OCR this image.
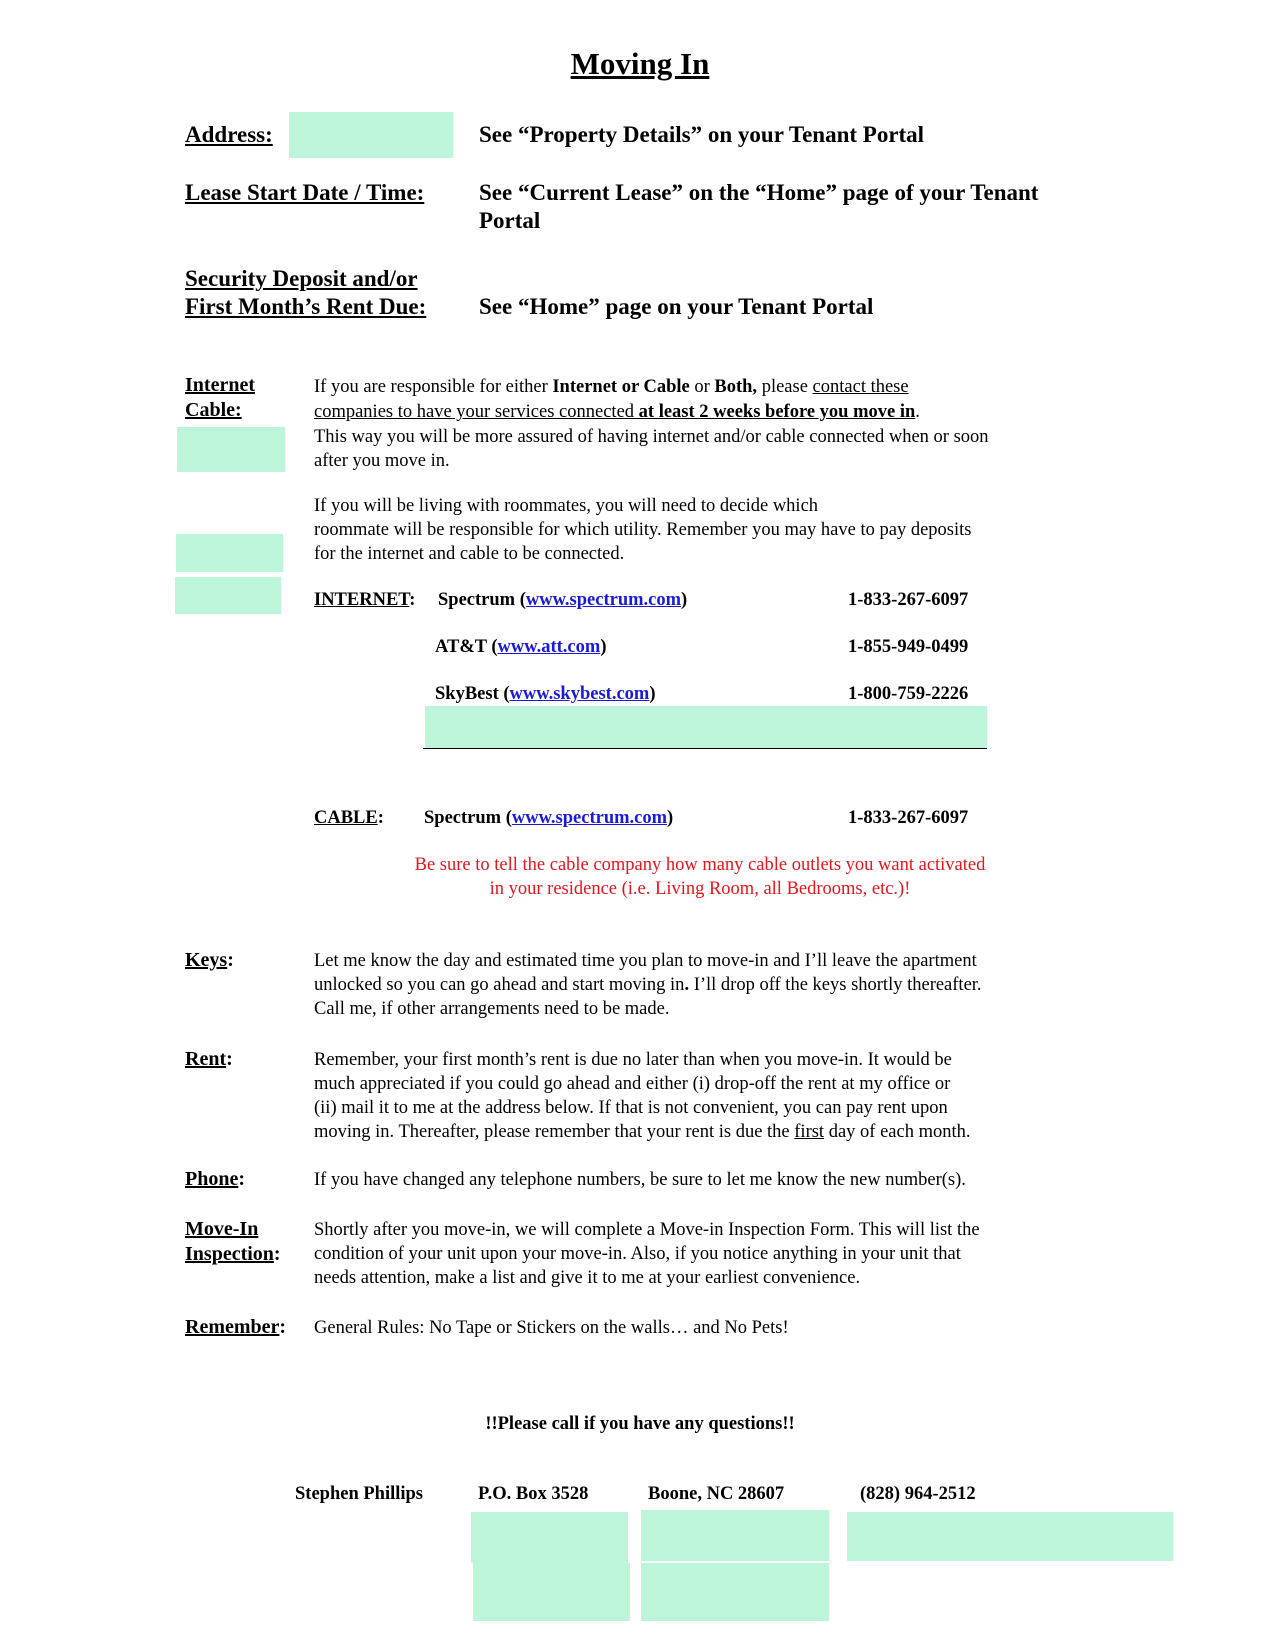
Moving In
Address:	See “Property Details” on your Tenant Portal
Lease Start Date / Time: See “Current Lease” on the “Home” page of your Tenant
Portal
Security Deposit and/or
First Month’s Rent Due: See “Home” page on your Tenant Portal
Internet
Cable:
If you are responsible for either Internet or Cable or Both, please contact these
companies to have your services connected at least 2 weeks before you move in.
This way you will be more assured of having internet and/or cable connected when or soon
after you move in.
If you will be living with roommates, you will need to decide which
roommate will be responsible for which utility. Remember you may have to pay deposits
for the internet and cable to be connected.
INTERNET: Spectrum (www.spectrum.com)	1-833-267-6097
AT&T (www.att.com)	1-855-949-0499
SkyBest (www.skybest.com)	1-800-759-2226
CABLE: Spectrum (www.spectrum.com)	1-833-267-6097
Be sure to tell the cable company how many cable outlets you want activated
in your residence (i.e. Living Room, all Bedrooms, etc.)!
Keys:	Let me know the day and estimated time you plan to move-in and I’ll leave the apartment
unlocked so you can go ahead and start moving in. I’ll drop off the keys shortly thereafter.
Call me, if other arrangements need to be made.
Rent:	Remember, your first month’s rent is due no later than when you move-in. It would be
much appreciated if you could go ahead and either (i) drop-off the rent at my office or
(ii) mail it to me at the address below. If that is not convenient, you can pay rent upon
moving in. Thereafter, please remember that your rent is due the first day of each month.
Phone:	If you have changed any telephone numbers, be sure to let me know the new number(s).
Move-In
Inspection:
Shortly after you move-in, we will complete a Move-in Inspection Form. This will list the
condition of your unit upon your move-in. Also, if you notice anything in your unit that
needs attention, make a list and give it to me at your earliest convenience.
Remember: General Rules: No Tape or Stickers on the walls… and No Pets!
!!Please call if you have any questions!!
Stephen Phillips	P.O. Box 3528	Boone, NC 28607	(828) 964-2512
